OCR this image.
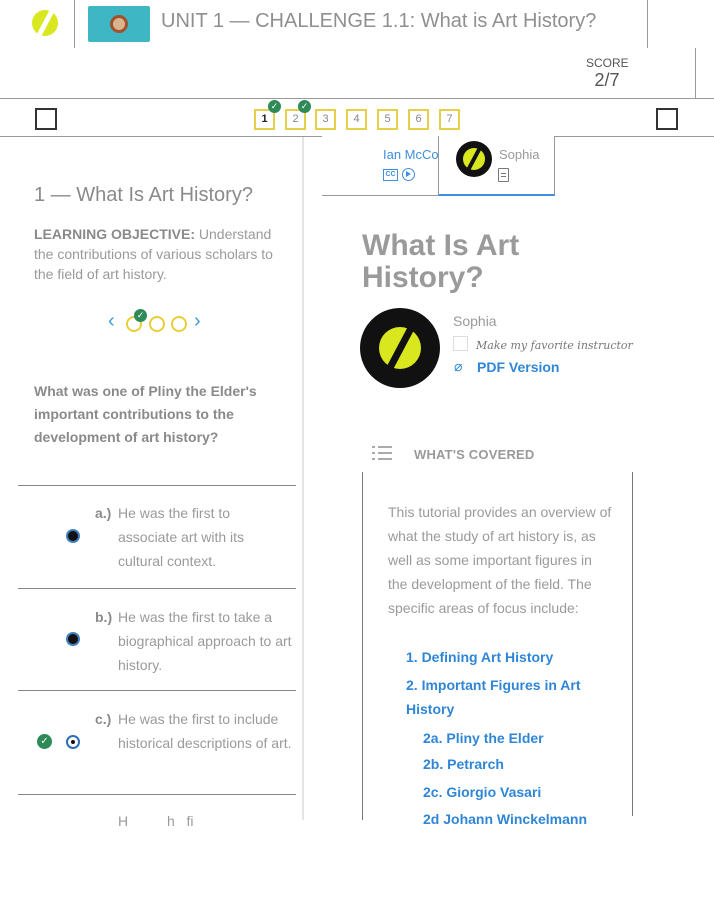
UNIT 1 — CHALLENGE 1.1: What is Art History?
SCORE
2/7
1	2	3	4	5	6	7
✓	✓
1 — What Is Art History?
LEARNING OBJECTIVE: Understand the contributions of various scholars to the field of art history.
‹	✓ ›
What was one of Pliny the Elder's important contributions to the development of art history?
a.) He was the first to associate art with its cultural context.
b.) He was the first to take a biographical approach to art history.
✓
c.) He was the first to include historical descriptions of art.
H          h   fi
Ian McCo
CC
Sophia
What Is Art History?
Sophia
Make my favorite instructor
⌀ PDF Version
WHAT'S COVERED
This tutorial provides an overview of what the study of art history is, as well as some important figures in the development of the field. The specific areas of focus include:
1. Defining Art History
2. Important Figures in Art History
2a. Pliny the Elder
2b. Petrarch
2c. Giorgio Vasari
2d Johann Winckelmann
